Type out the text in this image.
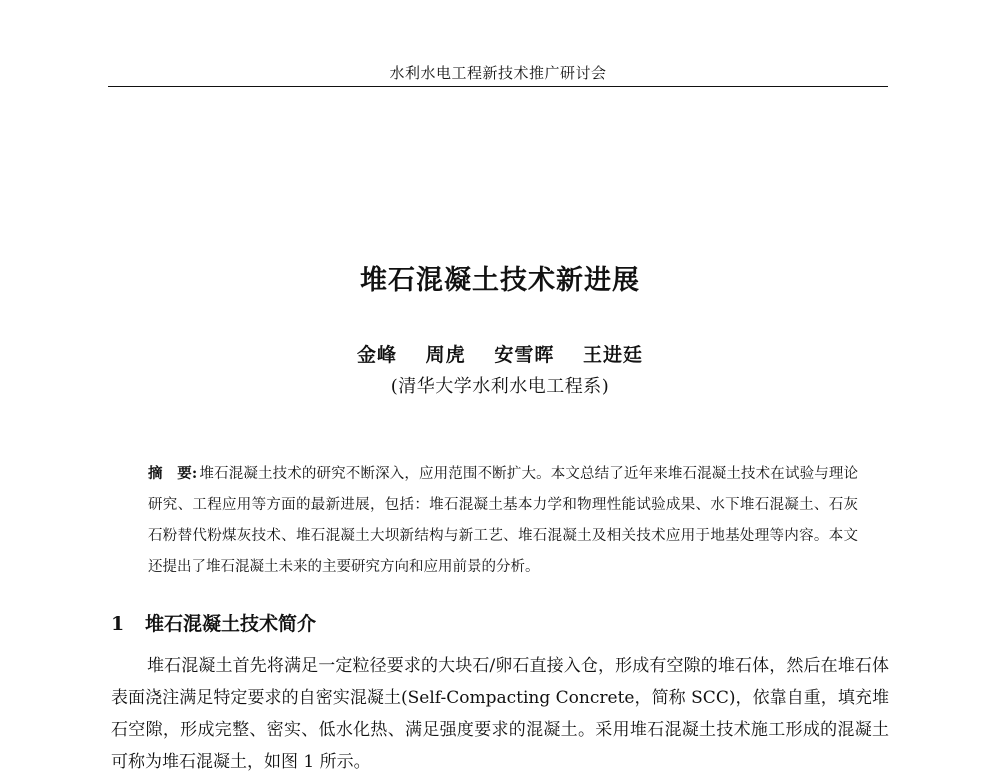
水利水电工程新技术推广研讨会
堆石混凝土技术新进展
金峰 周虎 安雪晖 王进廷
(清华大学水利水电工程系)
摘　要: 堆石混凝土技术的研究不断深入，应用范围不断扩大。本文总结了近年来堆石混凝土技术在试验与理论研究、工程应用等方面的最新进展，包括：堆石混凝土基本力学和物理性能试验成果、水下堆石混凝土、石灰石粉替代粉煤灰技术、堆石混凝土大坝新结构与新工艺、堆石混凝土及相关技术应用于地基处理等内容。本文还提出了堆石混凝土未来的主要研究方向和应用前景的分析。
1 堆石混凝土技术简介

堆石混凝土首先将满足一定粒径要求的大块石/卵石直接入仓，形成有空隙的堆石体，然后在堆石体表面浇注满足特定要求的自密实混凝土(Self-Compacting Concrete，简称 SCC)，依靠自重，填充堆石空隙，形成完整、密实、低水化热、满足强度要求的混凝土。采用堆石混凝土技术施工形成的混凝土可称为堆石混凝土，如图 1 所示。
